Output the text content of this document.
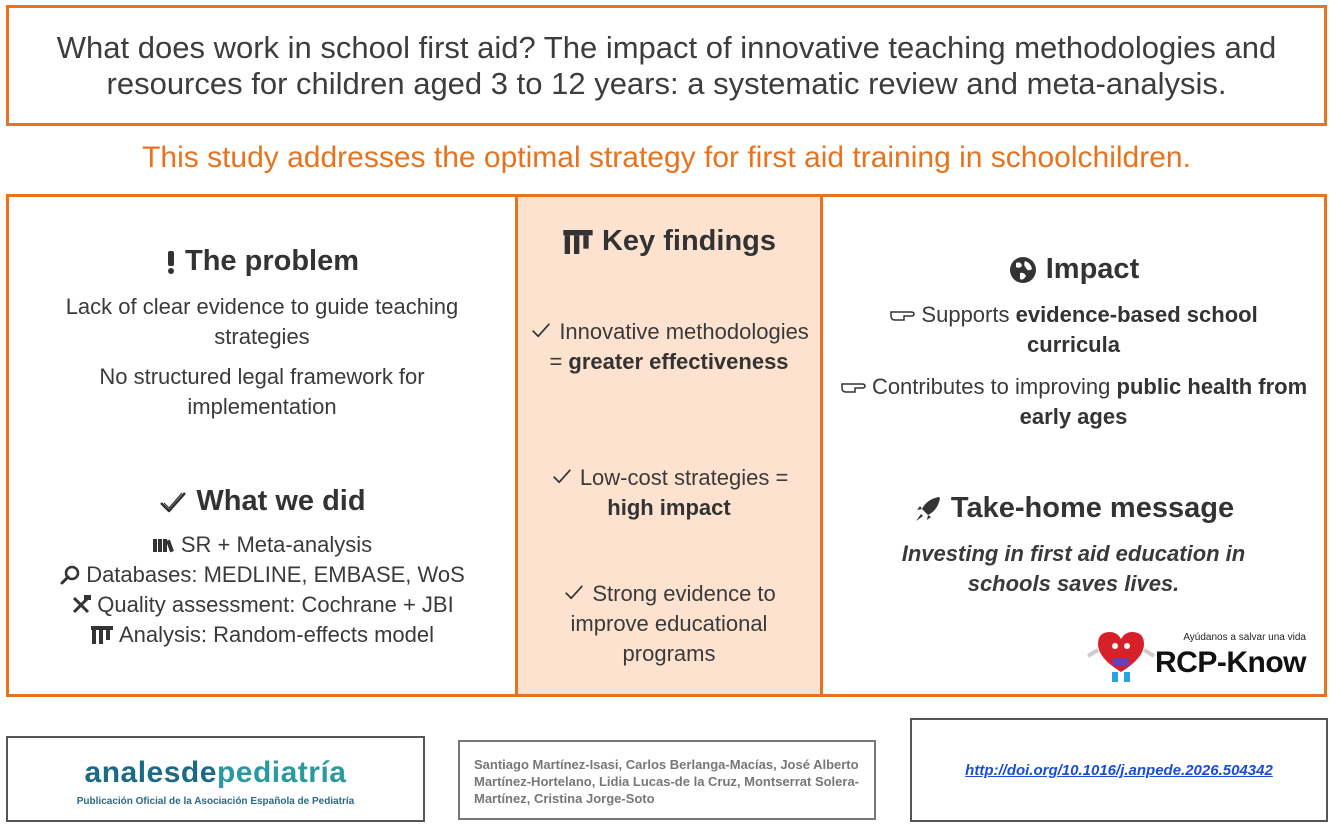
What does work in school first aid? The impact of innovative teaching methodologies and resources for children aged 3 to 12 years: a systematic review and meta-analysis.
This study addresses the optimal strategy for first aid training in schoolchildren.
The problem
Lack of clear evidence to guide teaching strategies
No structured legal framework for implementation
What we did
SR + Meta-analysis
Databases: MEDLINE, EMBASE, WoS
Quality assessment: Cochrane + JBI
Analysis: Random-effects model
Key findings
Innovative methodologies = greater effectiveness
Low-cost strategies = high impact
Strong evidence to improve educational programs
Impact
Supports evidence-based school curricula
Contributes to improving public health from early ages
Take-home message
Investing in first aid education in schools saves lives.
Ayúdanos a salvar una vida
RCP-Know
analesdepediatría
Publicación Oficial de la Asociación Española de Pediatría
Santiago Martínez-Isasi, Carlos Berlanga-Macías, José Alberto Martínez-Hortelano, Lidia Lucas-de la Cruz, Montserrat Solera-Martínez, Cristina Jorge-Soto
http://doi.org/10.1016/j.anpede.2026.504342
